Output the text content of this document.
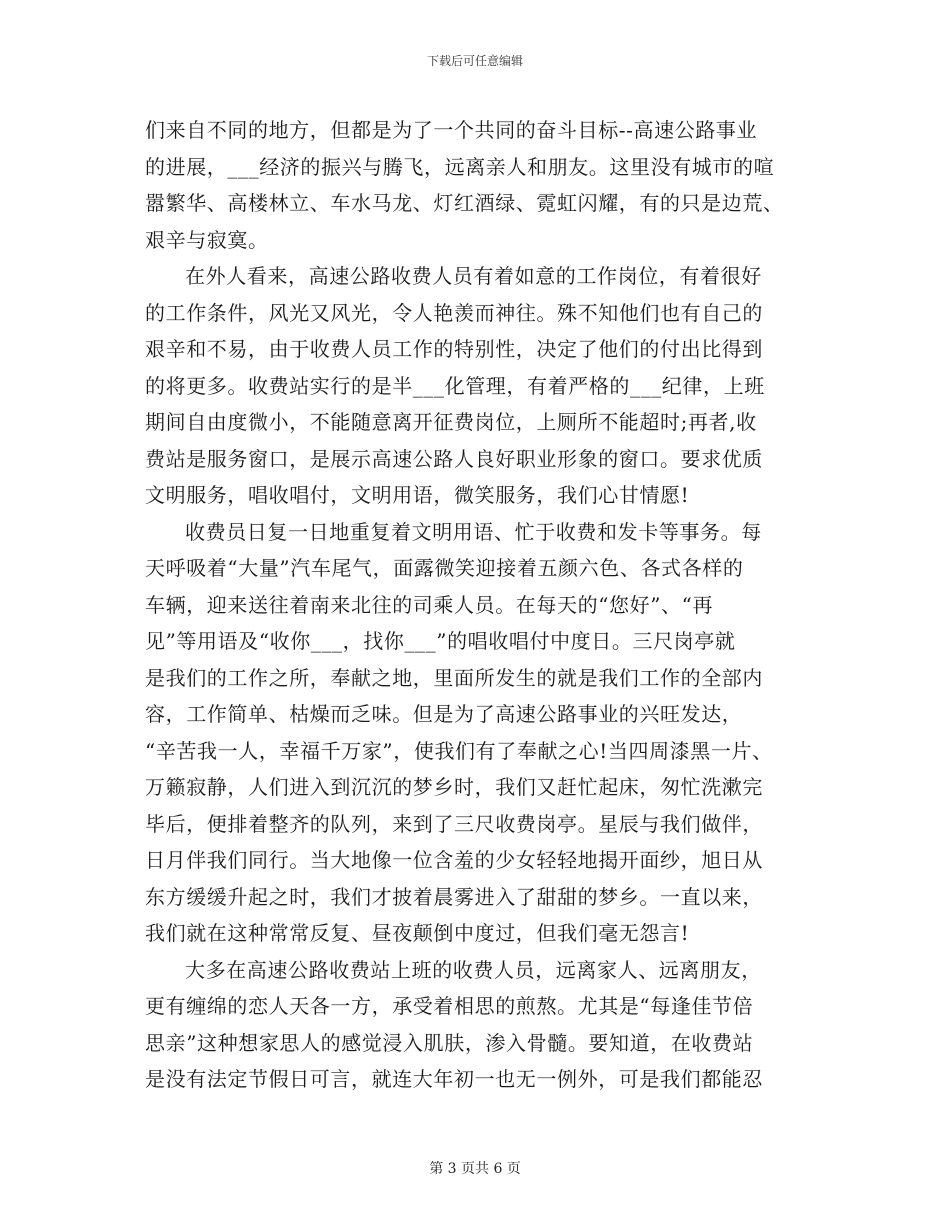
下载后可任意编辑
们来自不同的地方，但都是为了一个共同的奋斗目标--高速公路事业
的进展，___经济的振兴与腾飞，远离亲人和朋友。这里没有城市的喧
嚣繁华、高楼林立、车水马龙、灯红酒绿、霓虹闪耀，有的只是边荒、
艰辛与寂寞。
在外人看来，高速公路收费人员有着如意的工作岗位，有着很好
的工作条件，风光又风光，令人艳羡而神往。殊不知他们也有自己的
艰辛和不易，由于收费人员工作的特别性，决定了他们的付出比得到
的将更多。收费站实行的是半___化管理，有着严格的___纪律，上班
期间自由度微小，不能随意离开征费岗位，上厕所不能超时;再者,收
费站是服务窗口，是展示高速公路人良好职业形象的窗口。要求优质
文明服务，唱收唱付，文明用语，微笑服务，我们心甘情愿!
收费员日复一日地重复着文明用语、忙于收费和发卡等事务。每
天呼吸着“大量”汽车尾气，面露微笑迎接着五颜六色、各式各样的
车辆，迎来送往着南来北往的司乘人员。在每天的“您好”、“再
见”等用语及“收你___，找你___”的唱收唱付中度日。三尺岗亭就
是我们的工作之所，奉献之地，里面所发生的就是我们工作的全部内
容，工作简单、枯燥而乏味。但是为了高速公路事业的兴旺发达，
“辛苦我一人，幸福千万家”，使我们有了奉献之心!当四周漆黑一片、
万籁寂静，人们进入到沉沉的梦乡时，我们又赶忙起床，匆忙洗漱完
毕后，便排着整齐的队列，来到了三尺收费岗亭。星辰与我们做伴，
日月伴我们同行。当大地像一位含羞的少女轻轻地揭开面纱，旭日从
东方缓缓升起之时，我们才披着晨雾进入了甜甜的梦乡。一直以来，
我们就在这种常常反复、昼夜颠倒中度过，但我们毫无怨言!
大多在高速公路收费站上班的收费人员，远离家人、远离朋友，
更有缠绵的恋人天各一方，承受着相思的煎熬。尤其是“每逢佳节倍
思亲”这种想家思人的感觉浸入肌肤，渗入骨髓。要知道，在收费站
是没有法定节假日可言，就连大年初一也无一例外，可是我们都能忍
第 3 页共 6 页
